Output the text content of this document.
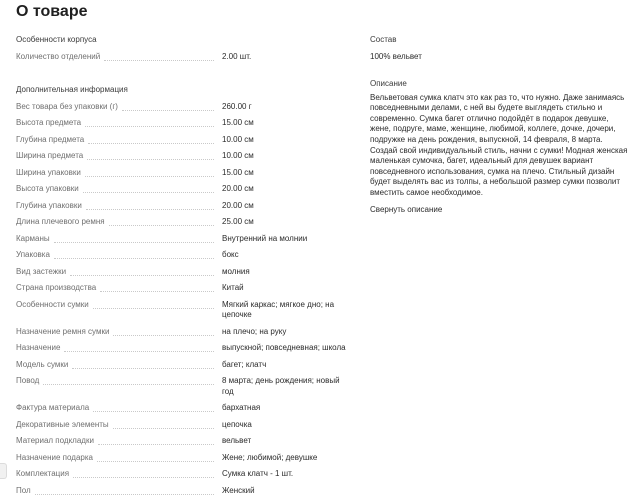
О товаре
Особенности корпуса
Количество отделений	2.00 шт.
Дополнительная информация
Вес товара без упаковки (г)	260.00 г
Высота предмета	15.00 см
Глубина предмета	10.00 см
Ширина предмета	10.00 см
Ширина упаковки	15.00 см
Высота упаковки	20.00 см
Глубина упаковки	20.00 см
Длина плечевого ремня	25.00 см
Карманы	Внутренний на молнии
Упаковка	бокс
Вид застежки	молния
Страна производства	Китай
Особенности сумки	Мягкий каркас; мягкое дно; на цепочке
Назначение ремня сумки	на плечо; на руку
Назначение	выпускной; повседневная; школа
Модель сумки	багет; клатч
Повод	8 марта; день рождения; новый год
Фактура материала	бархатная
Декоративные элементы	цепочка
Материал подкладки	вельвет
Назначение подарка	Жене; любимой; девушке
Комплектация	Сумка клатч - 1 шт.
Пол	Женский
Состав
100% вельвет
Описание
Вельветовая сумка клатч это как раз то, что нужно. Даже занимаясь повседневными делами, с ней вы будете выглядеть стильно и современно. Сумка багет отлично подойдёт в подарок девушке, жене, подруге, маме, женщине, любимой, коллеге, дочке, дочери, подружке на день рождения, выпускной, 14 февраля, 8 марта. Создай свой индивидуальный стиль, начни с сумки! Модная женская маленькая сумочка, багет, идеальный для девушек вариант повседневного использования, сумка на плечо. Стильный дизайн будет выделять вас из толпы, а небольшой размер сумки позволит вместить самое необходимое.
Свернуть описание
